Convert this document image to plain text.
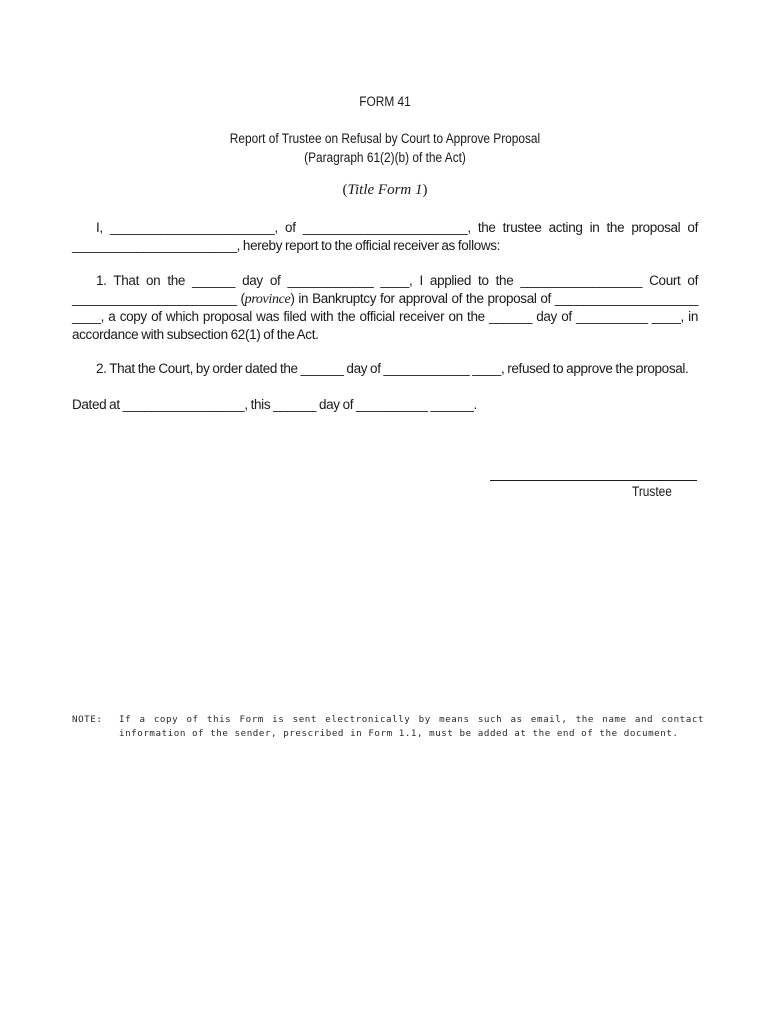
FORM 41
Report of Trustee on Refusal by Court to Approve Proposal
(Paragraph 61(2)(b) of the Act)
(Title Form 1)
I, _______________________, of _______________________, the trustee acting in the proposal of
_______________________, hereby report to the official receiver as follows:
1. That on the ______ day of ____________ ____, I applied to the _________________ Court of
_______________________ (province) in Bankruptcy for approval of the proposal of ____________________
____, a copy of which proposal was filed with the official receiver on the ______ day of __________ ____, in
accordance with subsection 62(1) of the Act.
2. That the Court, by order dated the ______ day of ____________ ____, refused to approve the proposal.
Dated at _________________, this ______ day of __________ ______.
Trustee
NOTE: If a copy of this Form is sent electronically by means such as email, the name and contact information of the sender, prescribed in Form 1.1, must be added at the end of the document.
